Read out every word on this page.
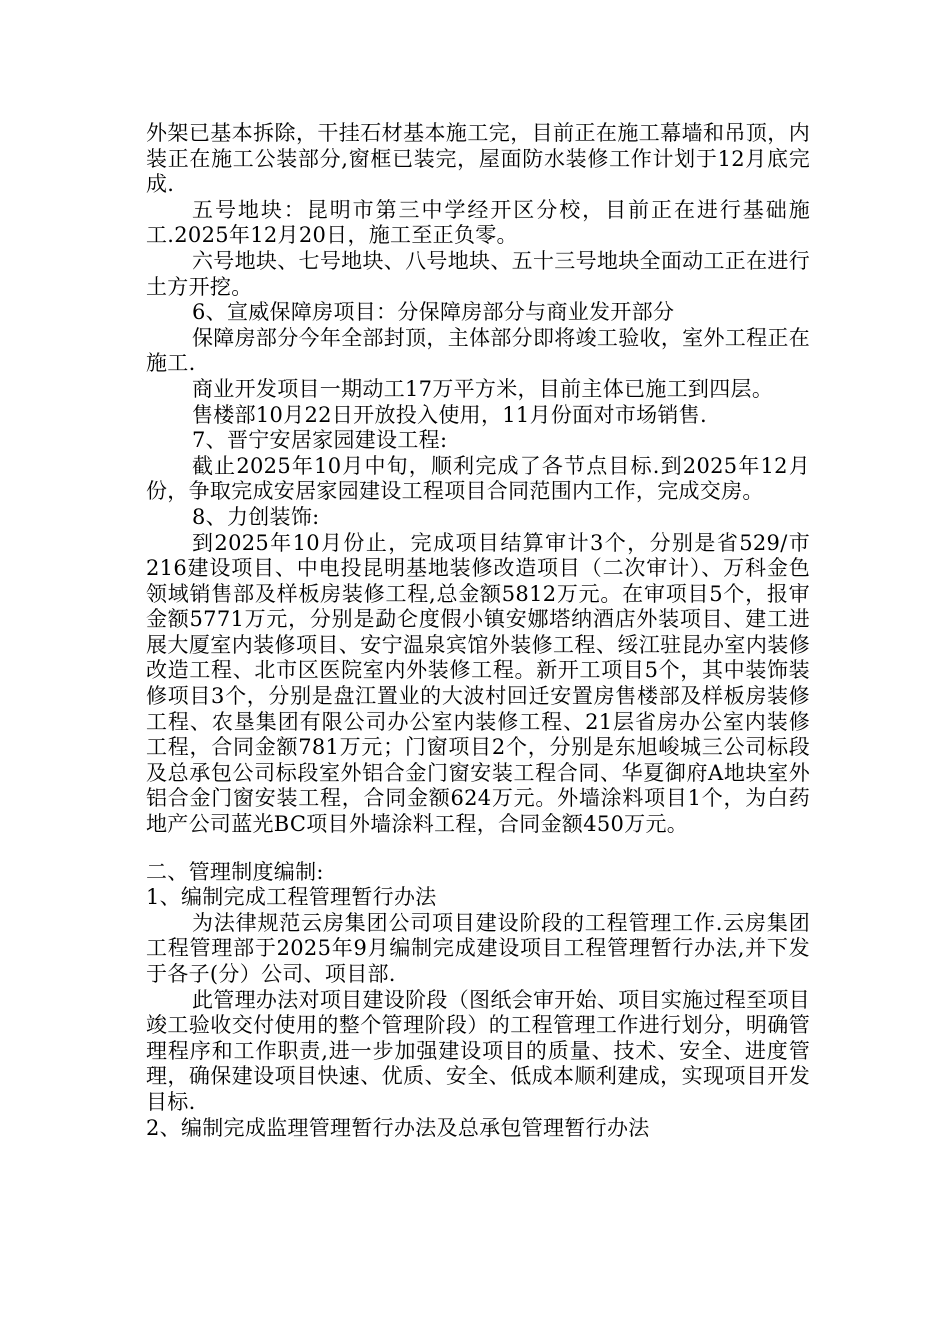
外架已基本拆除，干挂石材基本施工完，目前正在施工幕墙和吊顶，内装正在施工公装部分,窗框已装完，屋面防水装修工作计划于12月底完成.

五号地块：昆明市第三中学经开区分校，目前正在进行基础施工.2025年12月20日，施工至正负零。

六号地块、七号地块、八号地块、五十三号地块全面动工正在进行土方开挖。

6、宣威保障房项目：分保障房部分与商业发开部分

保障房部分今年全部封顶，主体部分即将竣工验收，室外工程正在施工.

商业开发项目一期动工17万平方米，目前主体已施工到四层。

售楼部10月22日开放投入使用，11月份面对市场销售.

7、晋宁安居家园建设工程:

截止2025年10月中旬，顺利完成了各节点目标.到2025年12月份，争取完成安居家园建设工程项目合同范围内工作，完成交房。

8、力创装饰:

到2025年10月份止，完成项目结算审计3个，分别是省529/市216建设项目、中电投昆明基地装修改造项目（二次审计）、万科金色领域销售部及样板房装修工程,总金额5812万元。在审项目5个，报审金额5771万元，分别是勐仑度假小镇安娜塔纳酒店外装项目、建工进展大厦室内装修项目、安宁温泉宾馆外装修工程、绥江驻昆办室内装修改造工程、北市区医院室内外装修工程。新开工项目5个，其中装饰装修项目3个，分别是盘江置业的大波村回迁安置房售楼部及样板房装修工程、农垦集团有限公司办公室内装修工程、21层省房办公室内装修工程，合同金额781万元；门窗项目2个，分别是东旭峻城三公司标段及总承包公司标段室外铝合金门窗安装工程合同、华夏御府A地块室外铝合金门窗安装工程，合同金额624万元。外墙涂料项目1个，为白药地产公司蓝光BC项目外墙涂料工程，合同金额450万元。

二、管理制度编制:

1、编制完成工程管理暂行办法

为法律规范云房集团公司项目建设阶段的工程管理工作.云房集团工程管理部于2025年9月编制完成建设项目工程管理暂行办法,并下发于各子(分）公司、项目部.

此管理办法对项目建设阶段（图纸会审开始、项目实施过程至项目竣工验收交付使用的整个管理阶段）的工程管理工作进行划分，明确管理程序和工作职责,进一步加强建设项目的质量、技术、安全、进度管理，确保建设项目快速、优质、安全、低成本顺利建成，实现项目开发目标.

2、编制完成监理管理暂行办法及总承包管理暂行办法
